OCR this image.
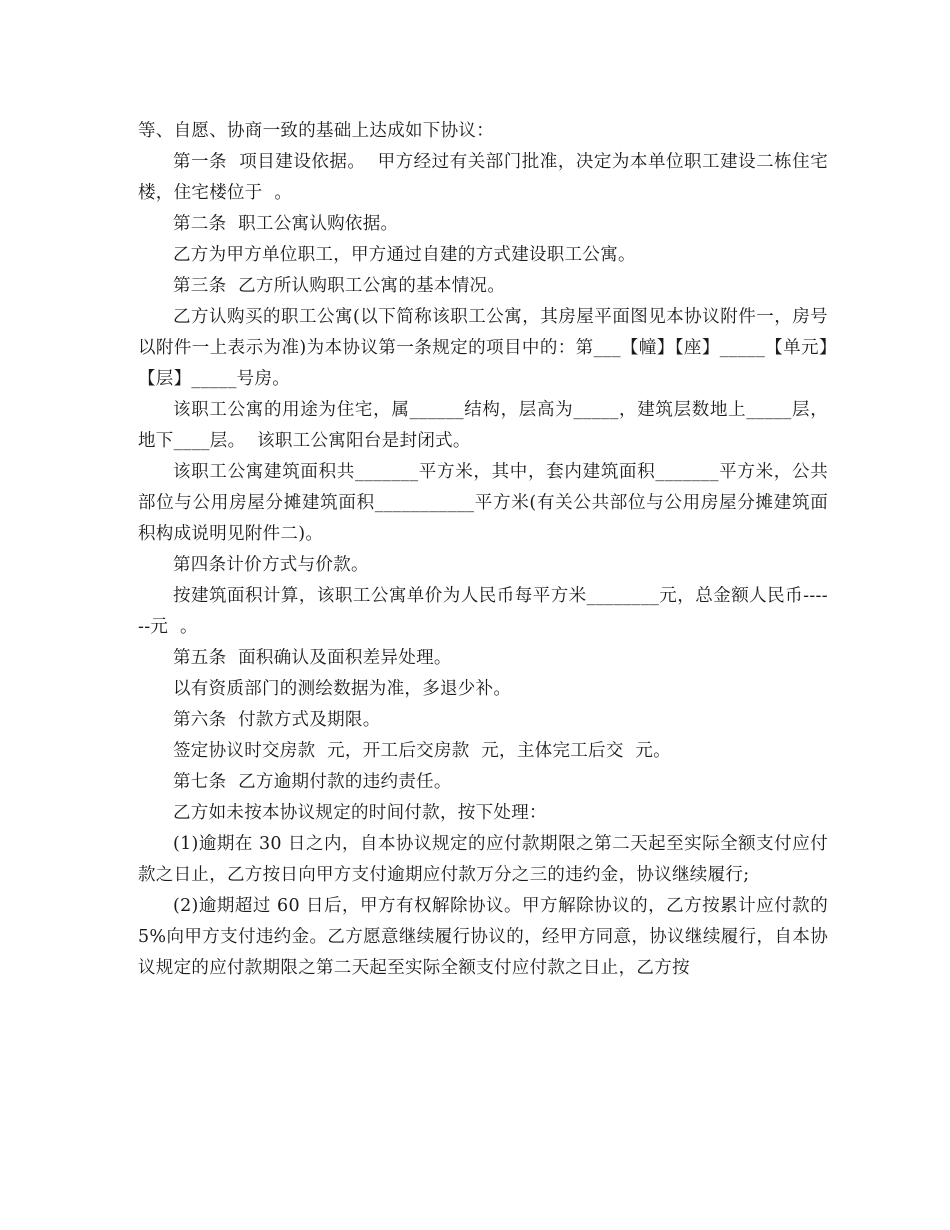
等、自愿、协商一致的基础上达成如下协议：

第一条  项目建设依据。  甲方经过有关部门批准，决定为本单位职工建设二栋住宅楼，住宅楼位于  。

第二条  职工公寓认购依据。

乙方为甲方单位职工，甲方通过自建的方式建设职工公寓。

第三条  乙方所认购职工公寓的基本情况。

乙方认购买的职工公寓(以下简称该职工公寓，其房屋平面图见本协议附件一，房号以附件一上表示为准)为本协议第一条规定的项目中的：第___【幢】【座】_____【单元】【层】_____号房。

该职工公寓的用途为住宅，属______结构，层高为_____，建筑层数地上_____层，地下____层。  该职工公寓阳台是封闭式。

该职工公寓建筑面积共_______平方米，其中，套内建筑面积_______平方米，公共部位与公用房屋分摊建筑面积___________平方米(有关公共部位与公用房屋分摊建筑面积构成说明见附件二)。

第四条计价方式与价款。

按建筑面积计算，该职工公寓单价为人民币每平方米________元，总金额人民币------元  。

第五条  面积确认及面积差异处理。

以有资质部门的测绘数据为准，多退少补。

第六条  付款方式及期限。

签定协议时交房款  元，开工后交房款  元，主体完工后交  元。

第七条  乙方逾期付款的违约责任。

乙方如未按本协议规定的时间付款，按下处理：

(1)逾期在 30 日之内，自本协议规定的应付款期限之第二天起至实际全额支付应付款之日止，乙方按日向甲方支付逾期应付款万分之三的违约金，协议继续履行;

(2)逾期超过 60 日后，甲方有权解除协议。甲方解除协议的，乙方按累计应付款的 5%向甲方支付违约金。乙方愿意继续履行协议的，经甲方同意，协议继续履行，自本协议规定的应付款期限之第二天起至实际全额支付应付款之日止，乙方按
